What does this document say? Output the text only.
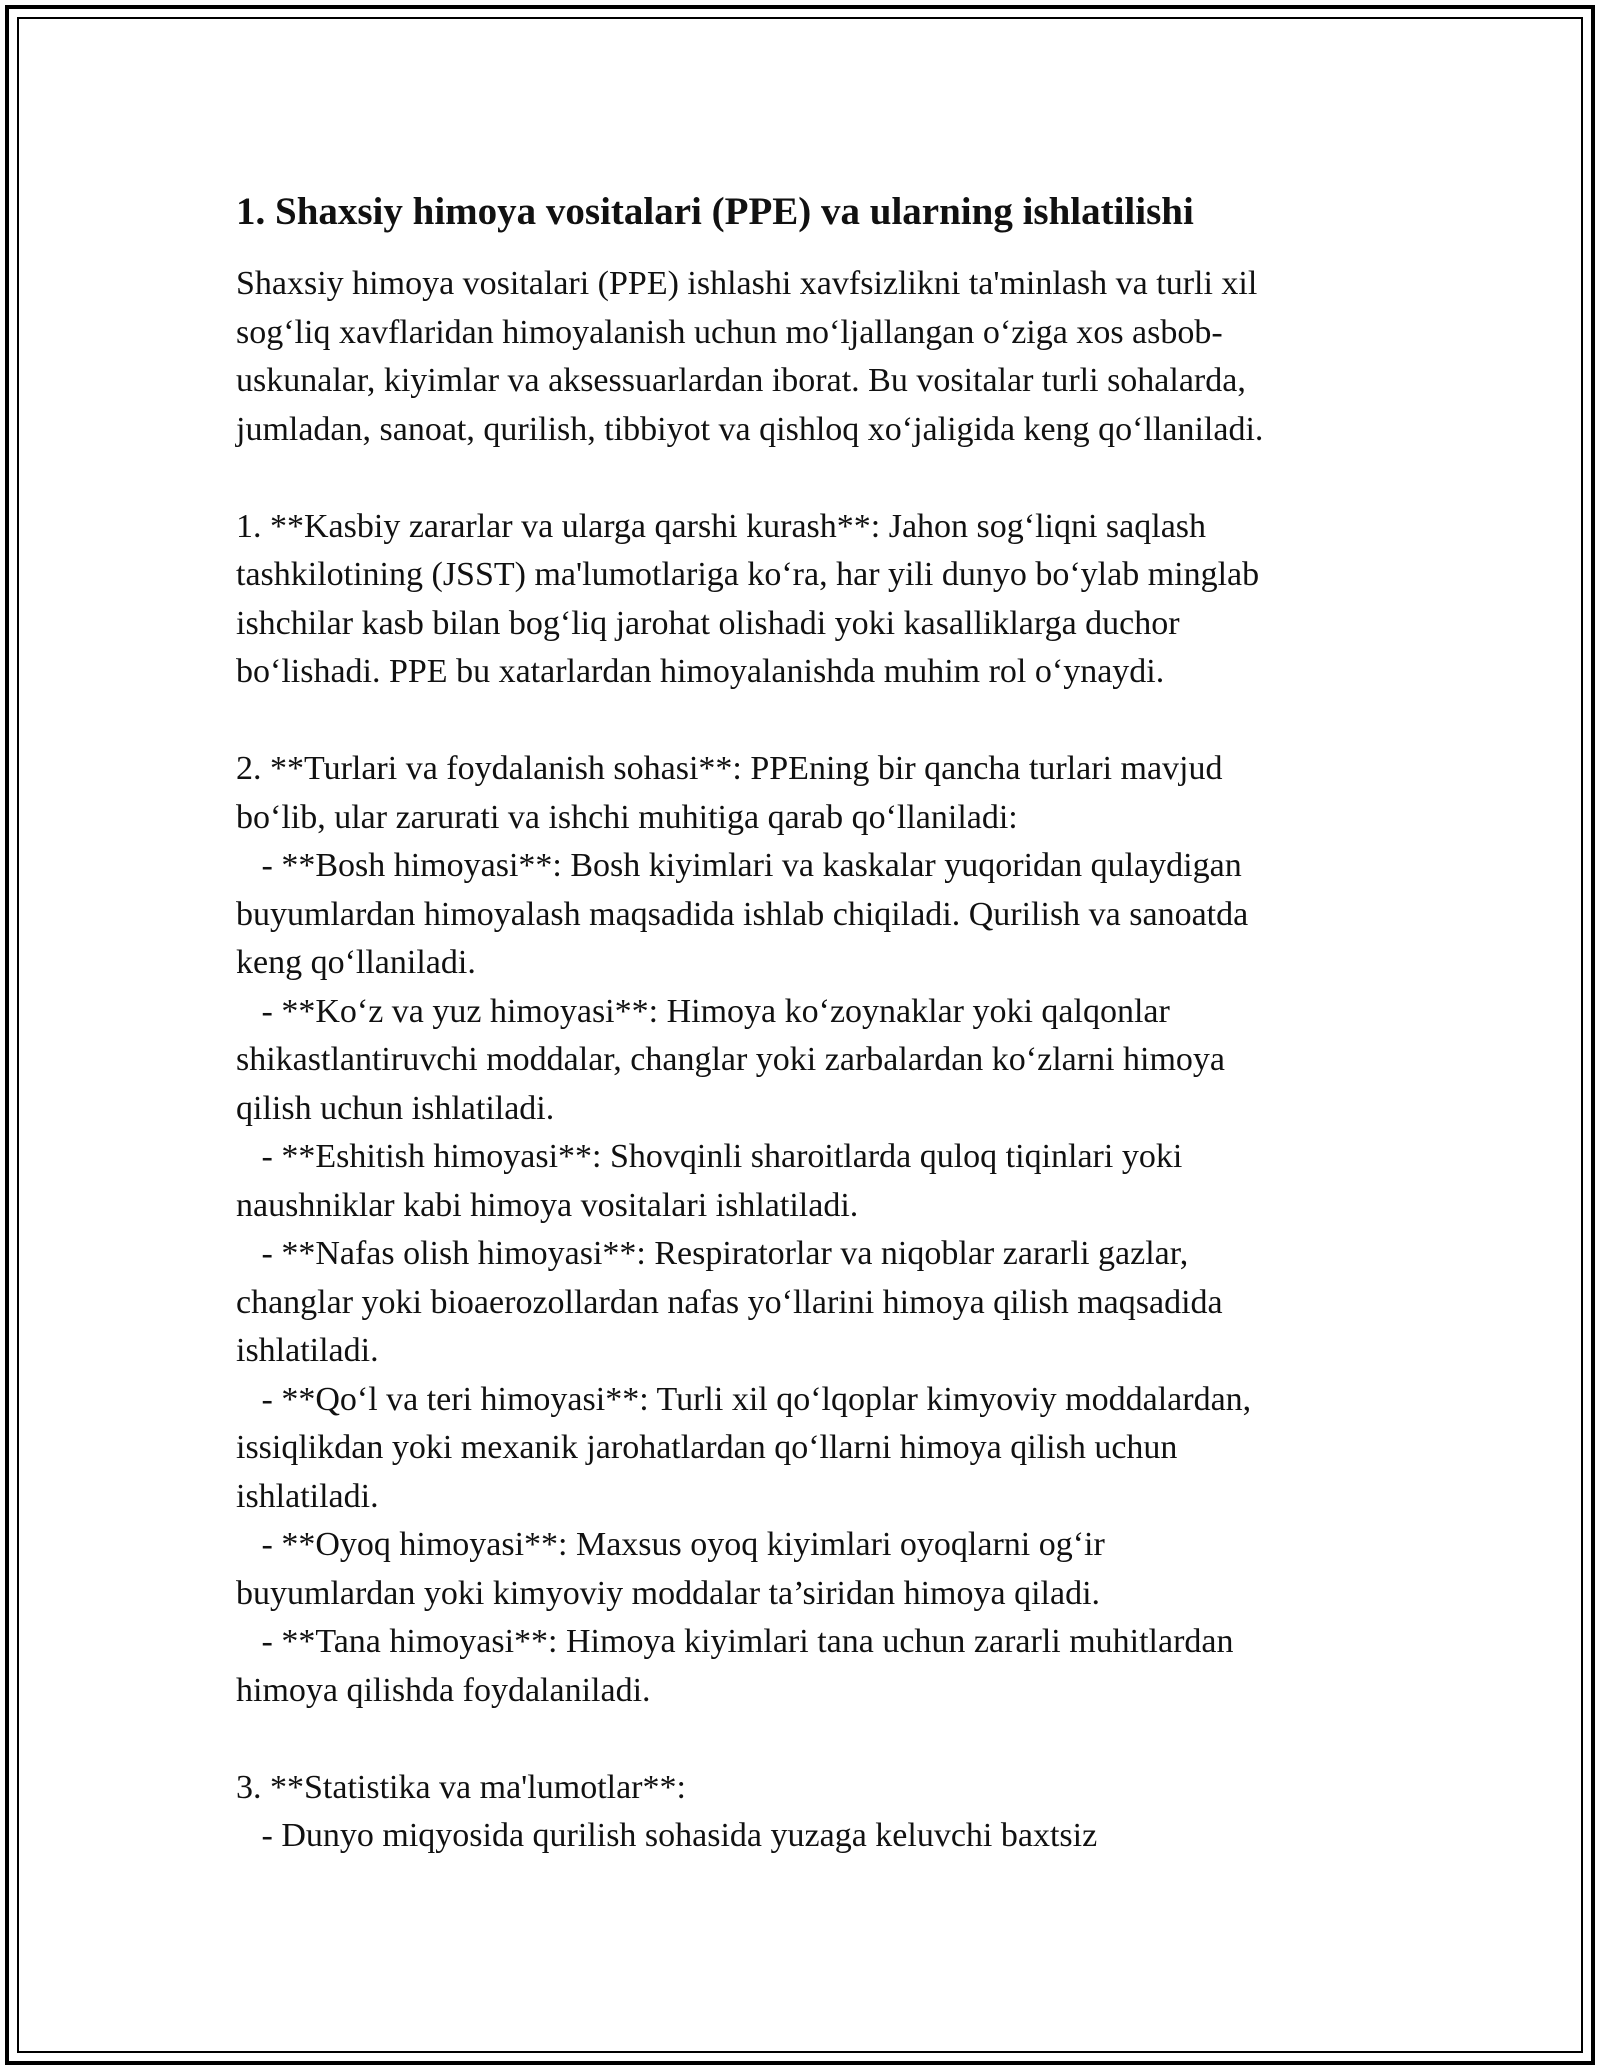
1. Shaxsiy himoya vositalari (PPE) va ularning ishlatilishi
Shaxsiy himoya vositalari (PPE) ishlashi xavfsizlikni ta'minlash va turli xil
sog‘liq xavflaridan himoyalanish uchun mo‘ljallangan o‘ziga xos asbob-
uskunalar, kiyimlar va aksessuarlardan iborat. Bu vositalar turli sohalarda,
jumladan, sanoat, qurilish, tibbiyot va qishloq xo‘jaligida keng qo‘llaniladi.
1. **Kasbiy zararlar va ularga qarshi kurash**: Jahon sog‘liqni saqlash
tashkilotining (JSST) ma'lumotlariga ko‘ra, har yili dunyo bo‘ylab minglab
ishchilar kasb bilan bog‘liq jarohat olishadi yoki kasalliklarga duchor
bo‘lishadi. PPE bu xatarlardan himoyalanishda muhim rol o‘ynaydi.
2. **Turlari va foydalanish sohasi**: PPEning bir qancha turlari mavjud
bo‘lib, ular zarurati va ishchi muhitiga qarab qo‘llaniladi:
- **Bosh himoyasi**: Bosh kiyimlari va kaskalar yuqoridan qulaydigan
buyumlardan himoyalash maqsadida ishlab chiqiladi. Qurilish va sanoatda
keng qo‘llaniladi.
- **Ko‘z va yuz himoyasi**: Himoya ko‘zoynaklar yoki qalqonlar
shikastlantiruvchi moddalar, changlar yoki zarbalardan ko‘zlarni himoya
qilish uchun ishlatiladi.
- **Eshitish himoyasi**: Shovqinli sharoitlarda quloq tiqinlari yoki
naushniklar kabi himoya vositalari ishlatiladi.
- **Nafas olish himoyasi**: Respiratorlar va niqoblar zararli gazlar,
changlar yoki bioaerozollardan nafas yo‘llarini himoya qilish maqsadida
ishlatiladi.
- **Qo‘l va teri himoyasi**: Turli xil qo‘lqoplar kimyoviy moddalardan,
issiqlikdan yoki mexanik jarohatlardan qo‘llarni himoya qilish uchun
ishlatiladi.
- **Oyoq himoyasi**: Maxsus oyoq kiyimlari oyoqlarni og‘ir
buyumlardan yoki kimyoviy moddalar ta’siridan himoya qiladi.
- **Tana himoyasi**: Himoya kiyimlari tana uchun zararli muhitlardan
himoya qilishda foydalaniladi.
3. **Statistika va ma'lumotlar**:
- Dunyo miqyosida qurilish sohasida yuzaga keluvchi baxtsiz
